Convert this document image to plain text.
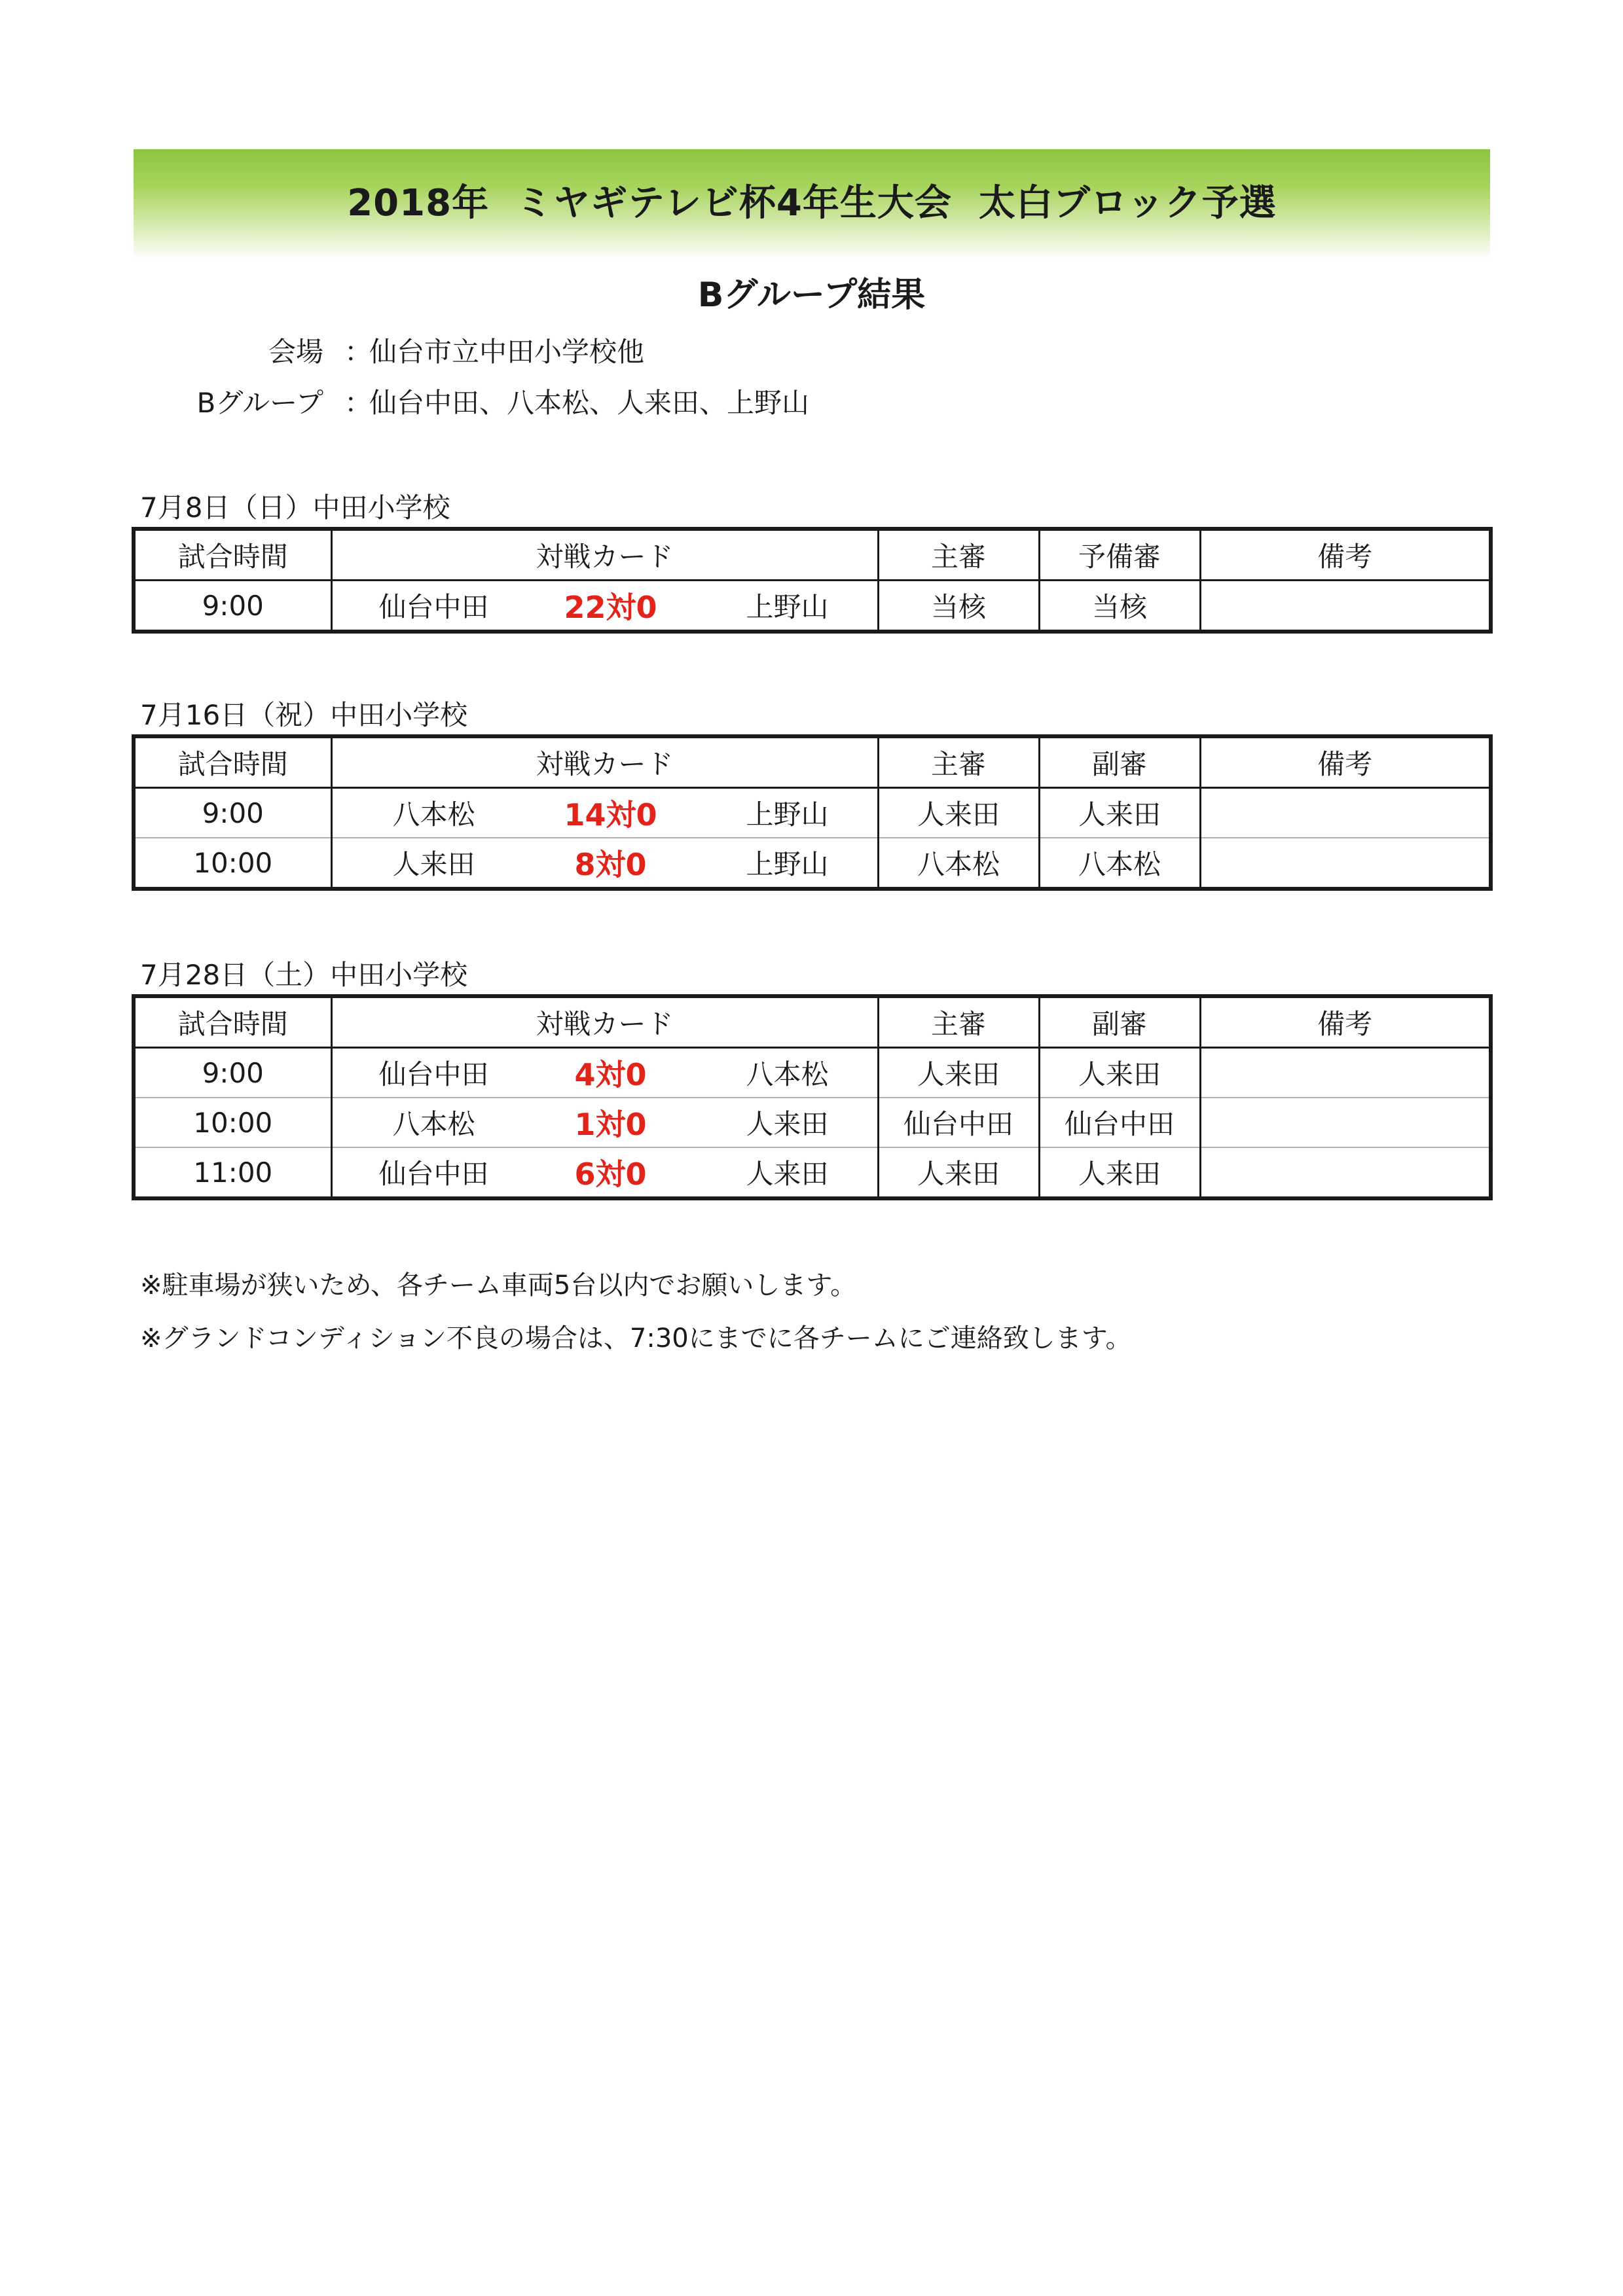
2018年  ミヤギテレビ杯4年生大会  太白ブロック予選
Bグループ結果
会場 ：
仙台市立中田小学校他
Bグループ ：
仙台中田、八本松、人来田、上野山
7月8日（日）中田小学校
試合時間	対戦カード	主審	予備審	備考
9:00	仙台中田 22対0 上野山	当核	当核	
7月16日（祝）中田小学校
試合時間	対戦カード	主審	副審	備考
9:00	八本松 14対0 上野山	人来田	人来田	
10:00	人来田 8対0 上野山	八本松	八本松	
7月28日（土）中田小学校
試合時間	対戦カード	主審	副審	備考
9:00	仙台中田 4対0 八本松	人来田	人来田	
10:00	八本松 1対0 人来田	仙台中田	仙台中田	
11:00	仙台中田 6対0 人来田	人来田	人来田	
※駐車場が狭いため、各チーム車両5台以内でお願いします。
※グランドコンディション不良の場合は、7:30にまでに各チームにご連絡致します。
